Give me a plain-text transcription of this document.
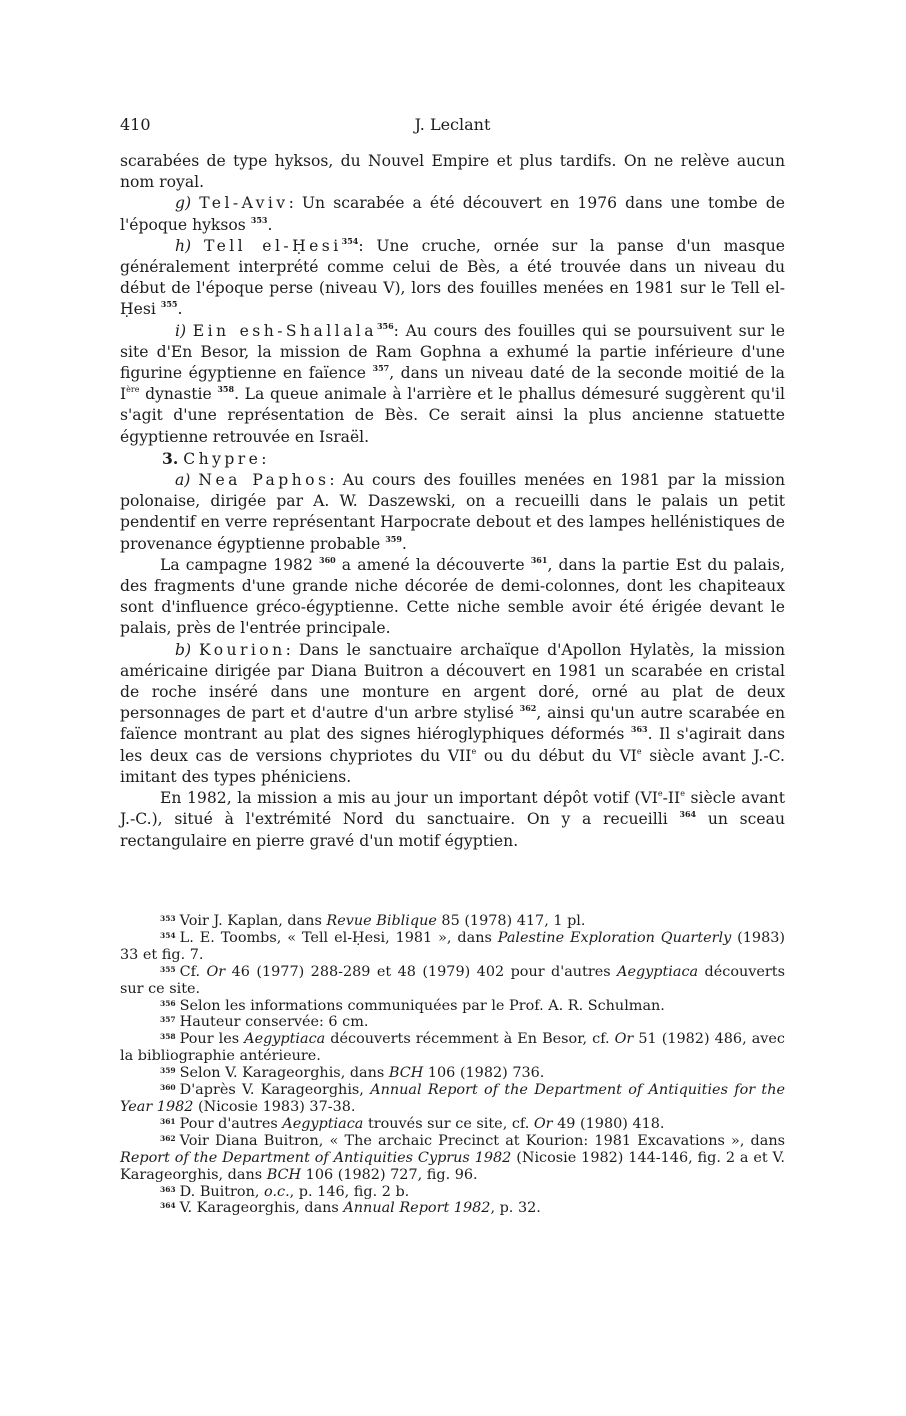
410	J. Leclant

scarabées de type hyksos, du Nouvel Empire et plus tardifs. On ne relève aucun nom royal.

g) Tel-Aviv: Un scarabée a été découvert en 1976 dans une tombe de l'époque hyksos $^{353}$.

h) Tell el-Ḥesi$^{354}$: Une cruche, ornée sur la panse d'un masque généralement interprété comme celui de Bès, a été trouvée dans un niveau du début de l'époque perse (niveau V), lors des fouilles menées en 1981 sur le Tell el-Ḥesi $^{355}$.

i) Ein esh-Shallala$^{356}$: Au cours des fouilles qui se poursuivent sur le site d'En Besor, la mission de Ram Gophna a exhumé la partie inférieure d'une figurine égyptienne en faïence $^{357}$, dans un niveau daté de la seconde moitié de la Ière dynastie $^{358}$. La queue animale à l'arrière et le phallus démesuré suggèrent qu'il s'agit d'une représentation de Bès. Ce serait ainsi la plus ancienne statuette égyptienne retrouvée en Israël.

3. Chypre:

a) Nea Paphos: Au cours des fouilles menées en 1981 par la mission polonaise, dirigée par A. W. Daszewski, on a recueilli dans le palais un petit pendentif en verre représentant Harpocrate debout et des lampes hellénistiques de provenance égyptienne probable $^{359}$.

La campagne 1982 $^{360}$ a amené la découverte $^{361}$, dans la partie Est du palais, des fragments d'une grande niche décorée de demi-colonnes, dont les chapiteaux sont d'influence gréco-égyptienne. Cette niche semble avoir été érigée devant le palais, près de l'entrée principale.

b) Kourion: Dans le sanctuaire archaïque d'Apollon Hylatès, la mission américaine dirigée par Diana Buitron a découvert en 1981 un scarabée en cristal de roche inséré dans une monture en argent doré, orné au plat de deux personnages de part et d'autre d'un arbre stylisé $^{362}$, ainsi qu'un autre scarabée en faïence montrant au plat des signes hiéroglyphiques déformés $^{363}$. Il s'agirait dans les deux cas de versions chypriotes du VIIe ou du début du VIe siècle avant J.-C. imitant des types phéniciens.

En 1982, la mission a mis au jour un important dépôt votif (VIe-IIe siècle avant J.-C.), situé à l'extrémité Nord du sanctuaire. On y a recueilli $^{364}$ un sceau rectangulaire en pierre gravé d'un motif égyptien.

$^{353}$ Voir J. Kaplan, dans Revue Biblique 85 (1978) 417, 1 pl.

$^{354}$ L. E. Toombs, « Tell el-Ḥesi, 1981 », dans Palestine Exploration Quarterly (1983) 33 et fig. 7.

$^{355}$ Cf. Or 46 (1977) 288-289 et 48 (1979) 402 pour d'autres Aegyptiaca découverts sur ce site.

$^{356}$ Selon les informations communiquées par le Prof. A. R. Schulman.

$^{357}$ Hauteur conservée: 6 cm.

$^{358}$ Pour les Aegyptiaca découverts récemment à En Besor, cf. Or 51 (1982) 486, avec la bibliographie antérieure.

$^{359}$ Selon V. Karageorghis, dans BCH 106 (1982) 736.

$^{360}$ D'après V. Karageorghis, Annual Report of the Department of Antiquities for the Year 1982 (Nicosie 1983) 37-38.

$^{361}$ Pour d'autres Aegyptiaca trouvés sur ce site, cf. Or 49 (1980) 418.

$^{362}$ Voir Diana Buitron, « The archaic Precinct at Kourion: 1981 Excavations », dans Report of the Department of Antiquities Cyprus 1982 (Nicosie 1982) 144-146, fig. 2 a et V. Karageorghis, dans BCH 106 (1982) 727, fig. 96.

$^{363}$ D. Buitron, o.c., p. 146, fig. 2 b.

$^{364}$ V. Karageorghis, dans Annual Report 1982, p. 32.
